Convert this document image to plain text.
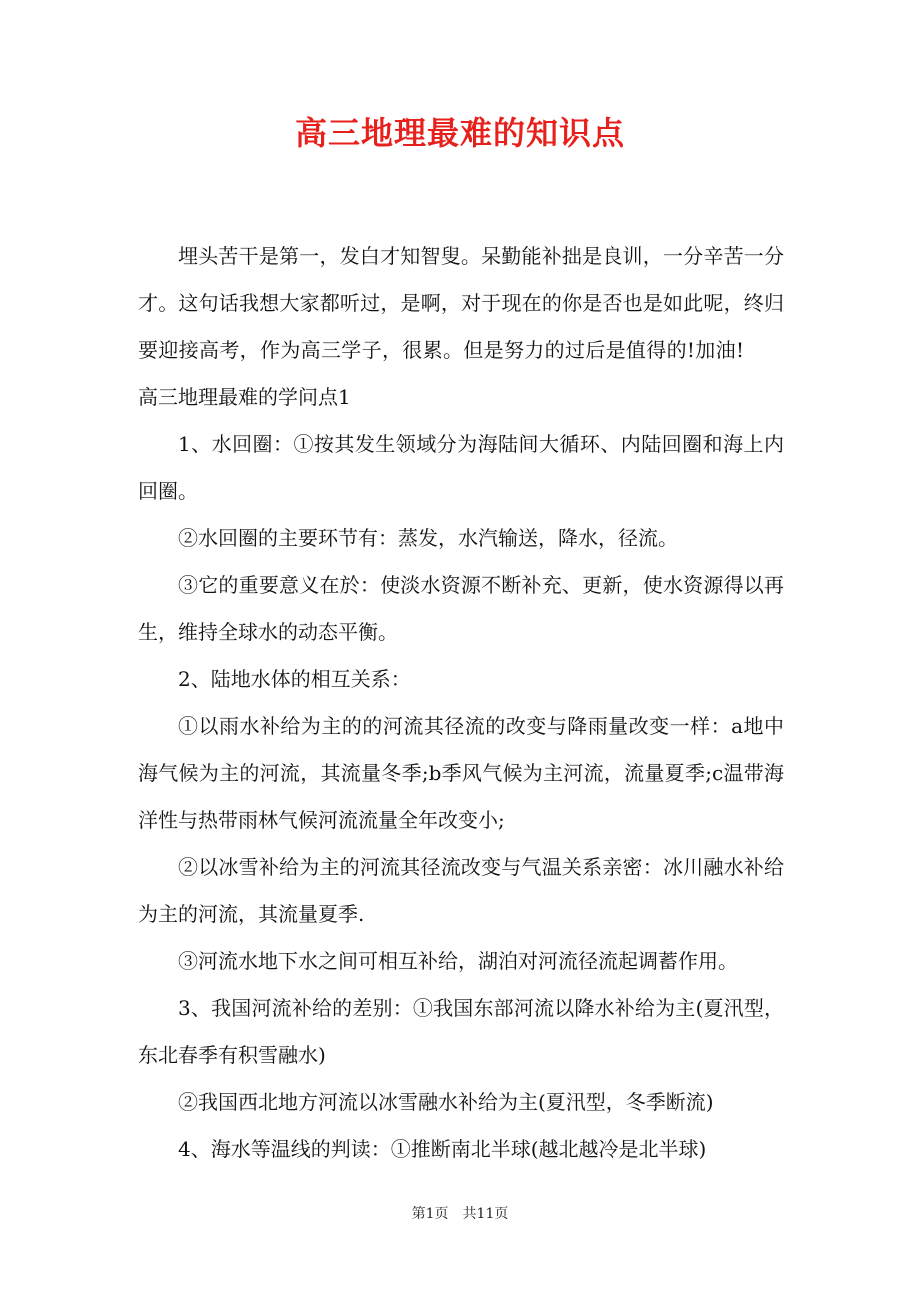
高三地理最难的知识点

埋头苦干是第一，发白才知智叟。呆勤能补拙是良训，一分辛苦一分才。这句话我想大家都听过，是啊，对于现在的你是否也是如此呢，终归要迎接高考，作为高三学子，很累。但是努力的过后是值得的!加油!高三地理最难的学问点1

1、水回圈：①按其发生领域分为海陆间大循环、内陆回圈和海上内回圈。

②水回圈的主要环节有：蒸发，水汽输送，降水，径流。

③它的重要意义在於：使淡水资源不断补充、更新，使水资源得以再生，维持全球水的动态平衡。

2、陆地水体的相互关系：

①以雨水补给为主的的河流其径流的改变与降雨量改变一样：a地中海气候为主的河流，其流量冬季;b季风气候为主河流，流量夏季;c温带海洋性与热带雨林气候河流流量全年改变小;

②以冰雪补给为主的河流其径流改变与气温关系亲密：冰川融水补给为主的河流，其流量夏季.

③河流水地下水之间可相互补给，湖泊对河流径流起调蓄作用。

3、我国河流补给的差别：①我国东部河流以降水补给为主(夏汛型，东北春季有积雪融水)

②我国西北地方河流以冰雪融水补给为主(夏汛型，冬季断流)

4、海水等温线的判读：①推断南北半球(越北越冷是北半球)

第1页 共11页
